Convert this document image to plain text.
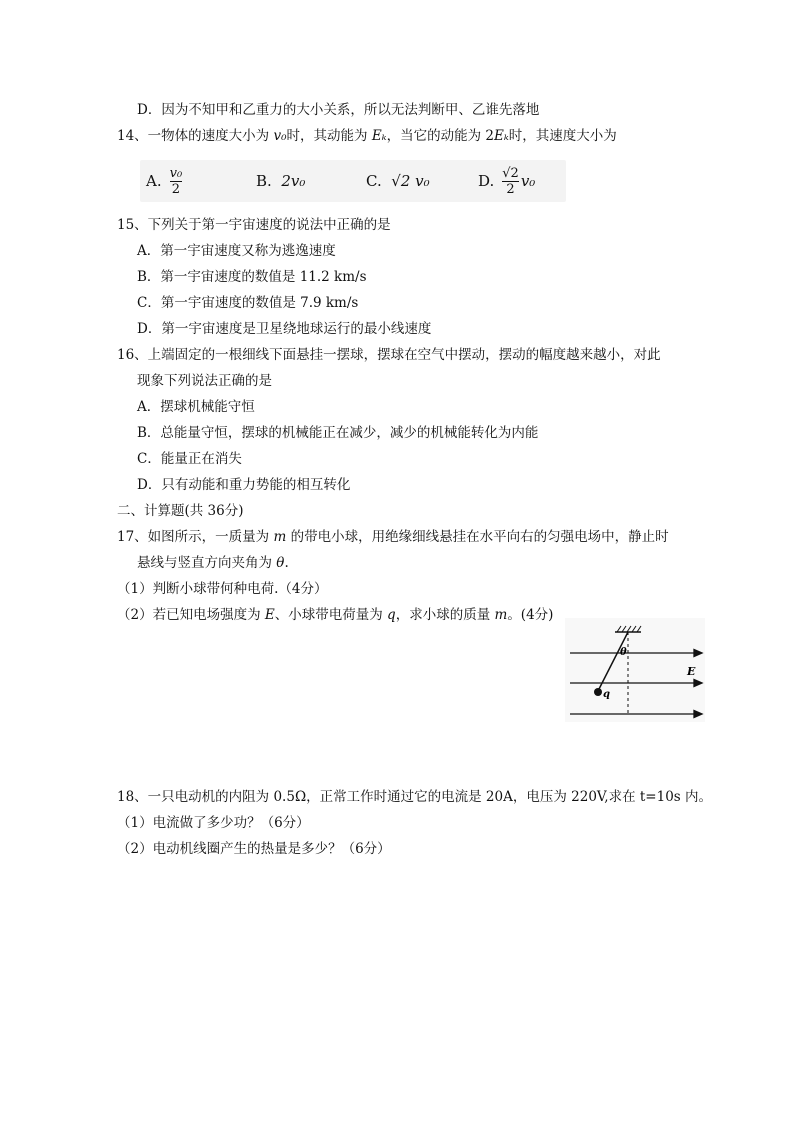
D．因为不知甲和乙重力的大小关系，所以无法判断甲、乙谁先落地
14、一物体的速度大小为 v₀时，其动能为 Eₖ，当它的动能为 2Eₖ时，其速度大小为
A. $\frac{\text{v₀}}{2}$	B.
2v₀	C.
√2 v₀	D. $\frac{√2}{2} v_0$
15、下列关于第一宇宙速度的说法中正确的是
A．第一宇宙速度又称为逃逸速度
B．第一宇宙速度的数值是 11.2 km/s
C．第一宇宙速度的数值是 7.9 km/s
D．第一宇宙速度是卫星绕地球运行的最小线速度
16、上端固定的一根细线下面悬挂一摆球，摆球在空气中摆动，摆动的幅度越来越小，对此
现象下列说法正确的是
A．摆球机械能守恒
B．总能量守恒，摆球的机械能正在减少，减少的机械能转化为内能
C．能量正在消失
D．只有动能和重力势能的相互转化
二、计算题(共 36分)
17、如图所示，一质量为 m 的带电小球，用绝缘细线悬挂在水平向右的匀强电场中，静止时
悬线与竖直方向夹角为 θ.
（1）判断小球带何种电荷.（4分）
（2）若已知电场强度为 E、小球带电荷量为 q，求小球的质量 m。(4分)
θ
E
q
18、一只电动机的内阻为 0.5Ω，正常工作时通过它的电流是 20A，电压为 220V,求在 t=10s 内。
（1）电流做了多少功？（6分）
（2）电动机线圈产生的热量是多少？（6分）
